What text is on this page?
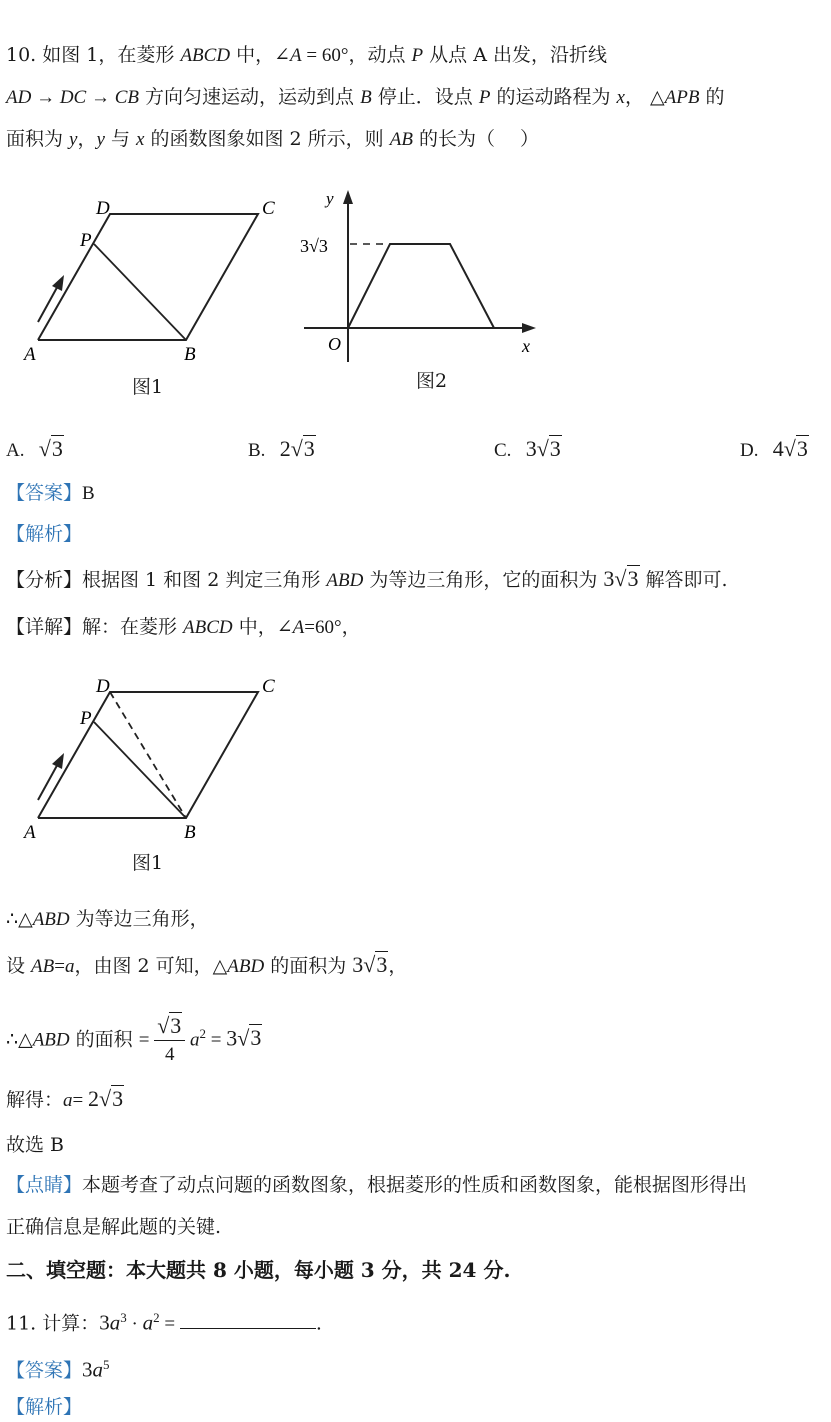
10. 如图 1，在菱形 ABCD 中，∠A = 60°，动点 P 从点 A 出发，沿折线
AD → DC → CB 方向匀速运动，运动到点 B 停止．设点 P 的运动路程为 x， △APB 的
面积为 y，y 与 x 的函数图象如图 2 所示，则 AB 的长为（　 ）
D	C
P
A	B
图1
y
3√3
O	x
图2
A.   √3	B.   2√3	C.   3√3	D.   4√3
【答案】B
【解析】
【分析】根据图 1 和图 2 判定三角形 ABD 为等边三角形，它的面积为 3√3 解答即可.
【详解】解：在菱形 ABCD 中，∠A=60°，
D	C
P
A	B
图1
∴△ABD 为等边三角形，
设 AB=a，由图 2 可知，△ABD 的面积为 3√3，
∴△ABD 的面积 = $\frac{√3}{4} a^2 = 3√3$
解得：a= 2√3
故选 B
【点睛】本题考查了动点问题的函数图象，根据菱形的性质和函数图象，能根据图形得出
正确信息是解此题的关键.
二、填空题：本大题共 8 小题，每小题 3 分，共 24 分.
11. 计算：$3a^3 \cdot a^2$ =	.
【答案】$3a^5$
【解析】
